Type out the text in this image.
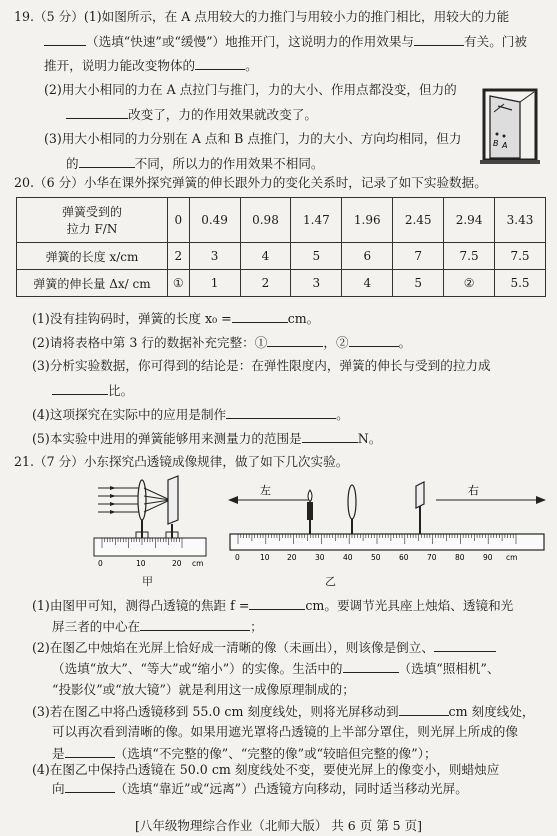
19.（5 分）(1)如图所示，在 A 点用较大的力推门与用较小力的推门相比，用较大的力能
（选填“快速”或“缓慢”）地推开门，这说明力的作用效果与	有关。门被
推开，说明力能改变物体的	。
(2)用大小相同的力在 A 点拉门与推门，力的大小、作用点都没变，但力的
改变了，力的作用效果就改变了。
(3)用大小相同的力分别在 A 点和 B 点推门，力的大小、方向均相同，但力
的	不同，所以力的作用效果不相同。
B A
20.（6 分）小华在课外探究弹簧的伸长跟外力的变化关系时，记录了如下实验数据。
弹簧受到的
拉力 F/N	0	0.49	0.98	1.47	1.96	2.45	2.94	3.43
弹簧的长度 x/cm	2	3	4	5	6	7	7.5	7.5
弹簧的伸长量 Δx/ cm	①	1	2	3	4	5	②	5.5
(1)没有挂钩码时，弹簧的长度 x₀ =	cm。
(2)请将表格中第 3 行的数据补充完整：①	，②	。
(3)分析实验数据，你可得到的结论是：在弹性限度内，弹簧的伸长与受到的拉力成
比。
(4)这项探究在实际中的应用是制作	。
(5)本实验中进用的弹簧能够用来测量力的范围是	N。
21.（7 分）小东探究凸透镜成像规律，做了如下几次实验。
0	10	20 cm
甲
左	右
0	10 20 30 40 50 60 70 80 90 cm
乙
(1)由图甲可知，测得凸透镜的焦距 f =	cm。要调节光具座上烛焰、透镜和光
屏三者的中心在	；
(2)在图乙中烛焰在光屏上恰好成一清晰的像（未画出），则该像是倒立、
（选填“放大”、“等大”或“缩小”）的实像。生活中的	（选填“照相机”、
“投影仪”或“放大镜”）就是利用这一成像原理制成的；
(3)若在图乙中将凸透镜移到 55.0 cm 刻度线处，则将光屏移动到	cm 刻度线处，
可以再次看到清晰的像。如果用遮光罩将凸透镜的上半部分罩住，则光屏上所成的像
是	（选填“不完整的像”、“完整的像”或“较暗但完整的像”）；
[八年级物理综合作业（北师大版） 共 6 页 第 5 页]
(4)在图乙中保持凸透镜在 50.0 cm 刻度线处不变，要使光屏上的像变小，则蜡烛应
向	（选填“靠近”或“远离”）凸透镜方向移动，同时适当移动光屏。
